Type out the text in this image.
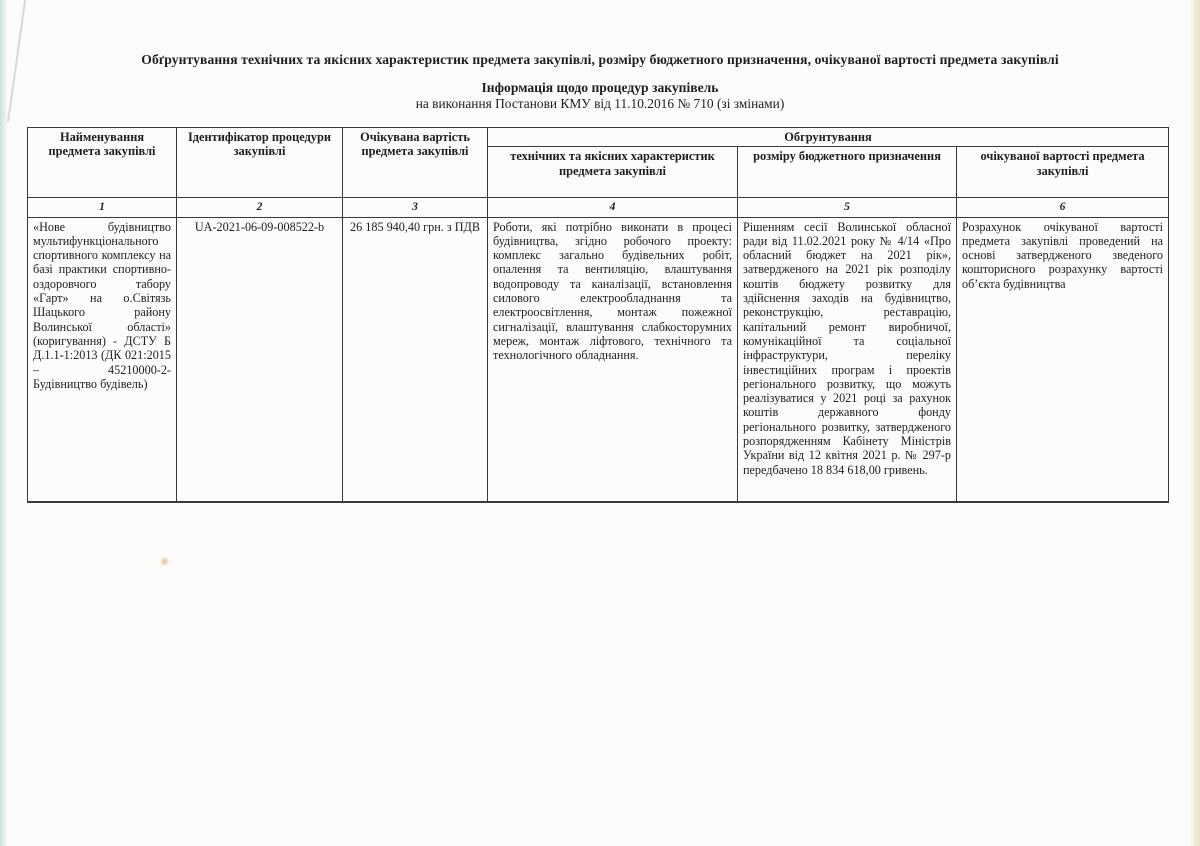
Обґрунтування технічних та якісних характеристик предмета закупівлі, розміру бюджетного призначення, очікуваної вартості предмета закупівлі
Інформація щодо процедур закупівель
на виконання Постанови КМУ від 11.10.2016 № 710 (зі змінами)
Найменування предмета закупівлі	Ідентифікатор процедури закупівлі	Очікувана вартість предмета закупівлі	Обгрунтування		
			технічних та якісних характеристик предмета закупівлі	розміру бюджетного призначення	очікуваної вартості предмета закупівлі
1	2	3	4	5	6
«Нове будівництво мультифункціонального спортивного комплексу на базі практики спортивно-оздоровчого табору «Гарт» на о.Світязь Шацького району Волинської області» (коригування) - ДСТУ Б Д.1.1-1:2013 (ДК 021:2015 – 45210000-2- Будівництво будівель)	UA-2021-06-09-008522-b	26 185 940,40 грн. з ПДВ	Роботи, які потрібно виконати в процесі будівництва, згідно робочого проекту: комплекс загально будівельних робіт, опалення та вентиляцію, влаштування водопроводу та каналізації, встановлення силового електрообладнання та електроосвітлення, монтаж пожежної сигналізації, влаштування слабкосторумних мереж, монтаж ліфтового, технічного та технологічного обладнання.	Рішенням сесії Волинської обласної ради від 11.02.2021 року № 4/14 «Про обласний бюджет на 2021 рік», затвердженого на 2021 рік розподілу коштів бюджету розвитку для здійснення заходів на будівництво, реконструкцію, реставрацію, капітальний ремонт виробничої, комунікаційної та соціальної інфраструктури, переліку інвестиційних програм і проектів регіонального розвитку, що можуть реалізуватися у 2021 році за рахунок коштів державного фонду регіонального розвитку, затвердженого розпорядженням Кабінету Міністрів України від 12 квітня 2021 р. № 297-р передбачено 18 834 618,00 гривень.	Розрахунок очікуваної вартості предмета закупівлі проведений на основі затвердженого зведеного кошторисного розрахунку вартості об’єкта будівництва
